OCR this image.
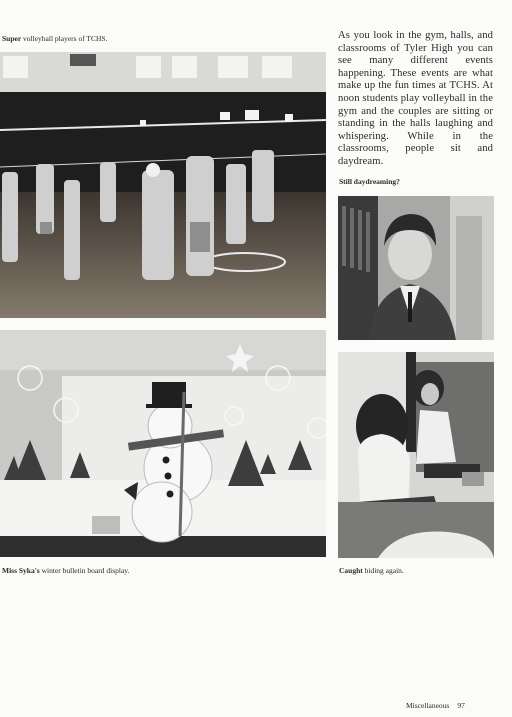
Super volleyball players of TCHS.	As you look in the gym, halls, and classrooms of Tyler High you can see many different events happening. These events are what make up the fun times at TCHS. At noon students play volleyball in the gym and the couples are sitting or standing in the halls laughing and whispering. While in the classrooms, people sit and daydream.
Still daydreaming?
Miss Syka's winter bulletin board display.	Caught hiding again.
Miscellaneous 97
